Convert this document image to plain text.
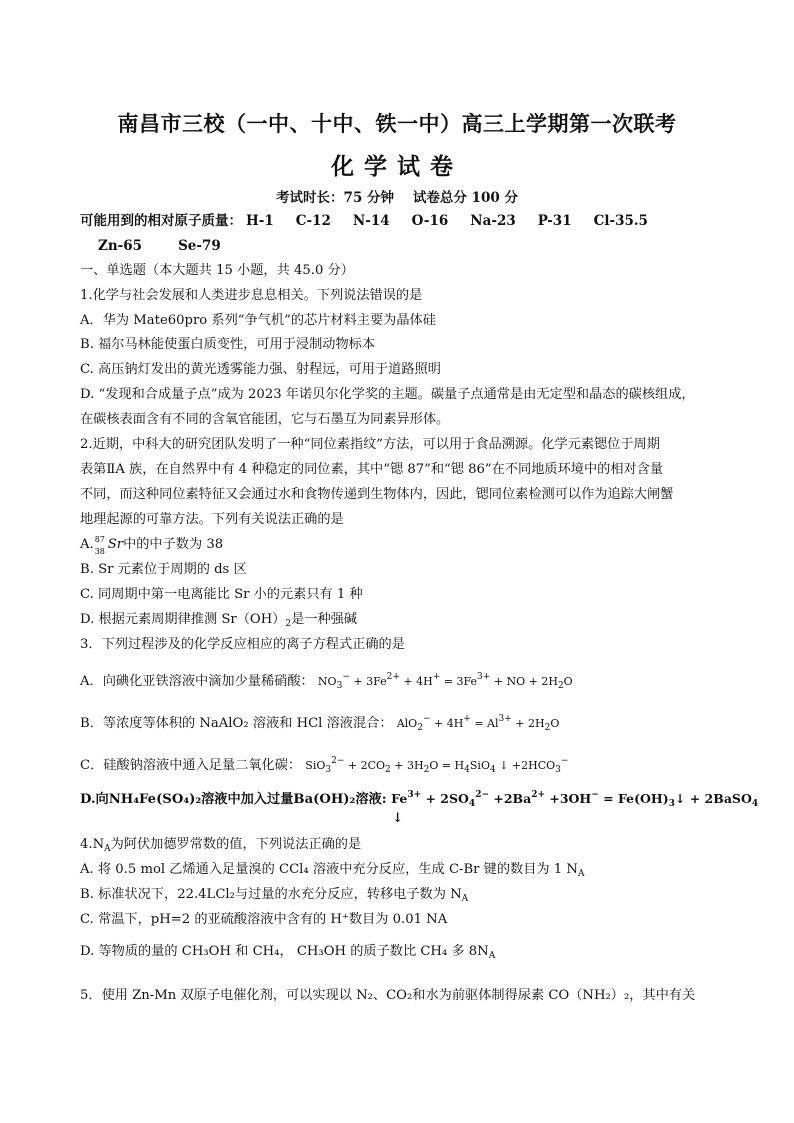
南昌市三校（一中、十中、铁一中）高三上学期第一次联考
化学试卷
考试时长：75 分钟 试卷总分 100 分
可能用到的相对原子质量： H-1 C-12 N-14 O-16 Na-23 P-31 Cl-35.5
Zn-65	Se-79
一、单选题（本大题共 15 小题，共 45.0 分）
1.化学与社会发展和人类进步息息相关。下列说法错误的是
A．华为 Mate60pro 系列“争气机”的芯片材料主要为晶体硅
B. 福尔马林能使蛋白质变性，可用于浸制动物标本
C. 高压钠灯发出的黄光透雾能力强、射程远，可用于道路照明
D. “发现和合成量子点”成为 2023 年诺贝尔化学奖的主题。碳量子点通常是由无定型和晶态的碳核组成，
在碳核表面含有不同的含氧官能团，它与石墨互为同素异形体。
2.近期，中科大的研究团队发明了一种“同位素指纹”方法，可以用于食品溯源。化学元素锶位于周期
表第ⅡA 族，在自然界中有 4 种稳定的同位素，其中“锶 87”和“锶 86”在不同地质环境中的相对含量
不同，而这种同位素特征又会通过水和食物传递到生物体内，因此，锶同位素检测可以作为追踪大闸蟹
地理起源的可靠方法。下列有关说法正确的是
A. 87
38 Sr中的中子数为 38
B. Sr 元素位于周期的 ds 区
C. 同周期中第一电离能比 Sr 小的元素只有 1 种
D. 根据元素周期律推测 $Sr(OH)_2$是一种强碱
3．下列过程涉及的化学反应相应的离子方程式正确的是
A．向碘化亚铁溶液中滴加少量稀硝酸： $NO_3^- + 3Fe^{2+} + 4H^+ = 3Fe^{3+}$ + NO + $2H_2O$
B．等浓度等体积的 NaAlO₂ 溶液和 HCl 溶液混合： $AlO_2^- + 4H^+ = Al^{3+} + 2H_2O$
C．硅酸钠溶液中通入足量二氧化碳： $SiO_3^{2-} + 2CO_2 + 3H_2O = H_4SiO_4$ ↓ $+2HCO_3^-$
D.向NH₄Fe(SO₄)₂溶液中加入过量Ba(OH)₂溶液: $Fe^{3+} + 2SO_4^{2-} +2Ba^{2+} +3OH^-$ = $Fe(OH)_3↓$ + 2BaSO$_4$
↓
$4.N_A$为阿伏加德罗常数的值，下列说法正确的是
A. 将 0.5 mol 乙烯通入足量溴的 CCl₄ 溶液中充分反应，生成 C-Br 键的数目为 1 $N_A$
B. 标准状况下，22.4LCl₂与过量的水充分反应，转移电子数为 $N_A$
C. 常温下，pH=2 的亚硫酸溶液中含有的 H⁺数目为 0.01 NA
D. 等物质的量的 CH₃OH 和 CH₄， CH₃OH 的质子数比 CH₄ 多 $8N_A$
5．使用 Zn-Mn 双原子电催化剂，可以实现以 N₂、CO₂和水为前驱体制得尿素 CO（NH₂）₂，其中有关
